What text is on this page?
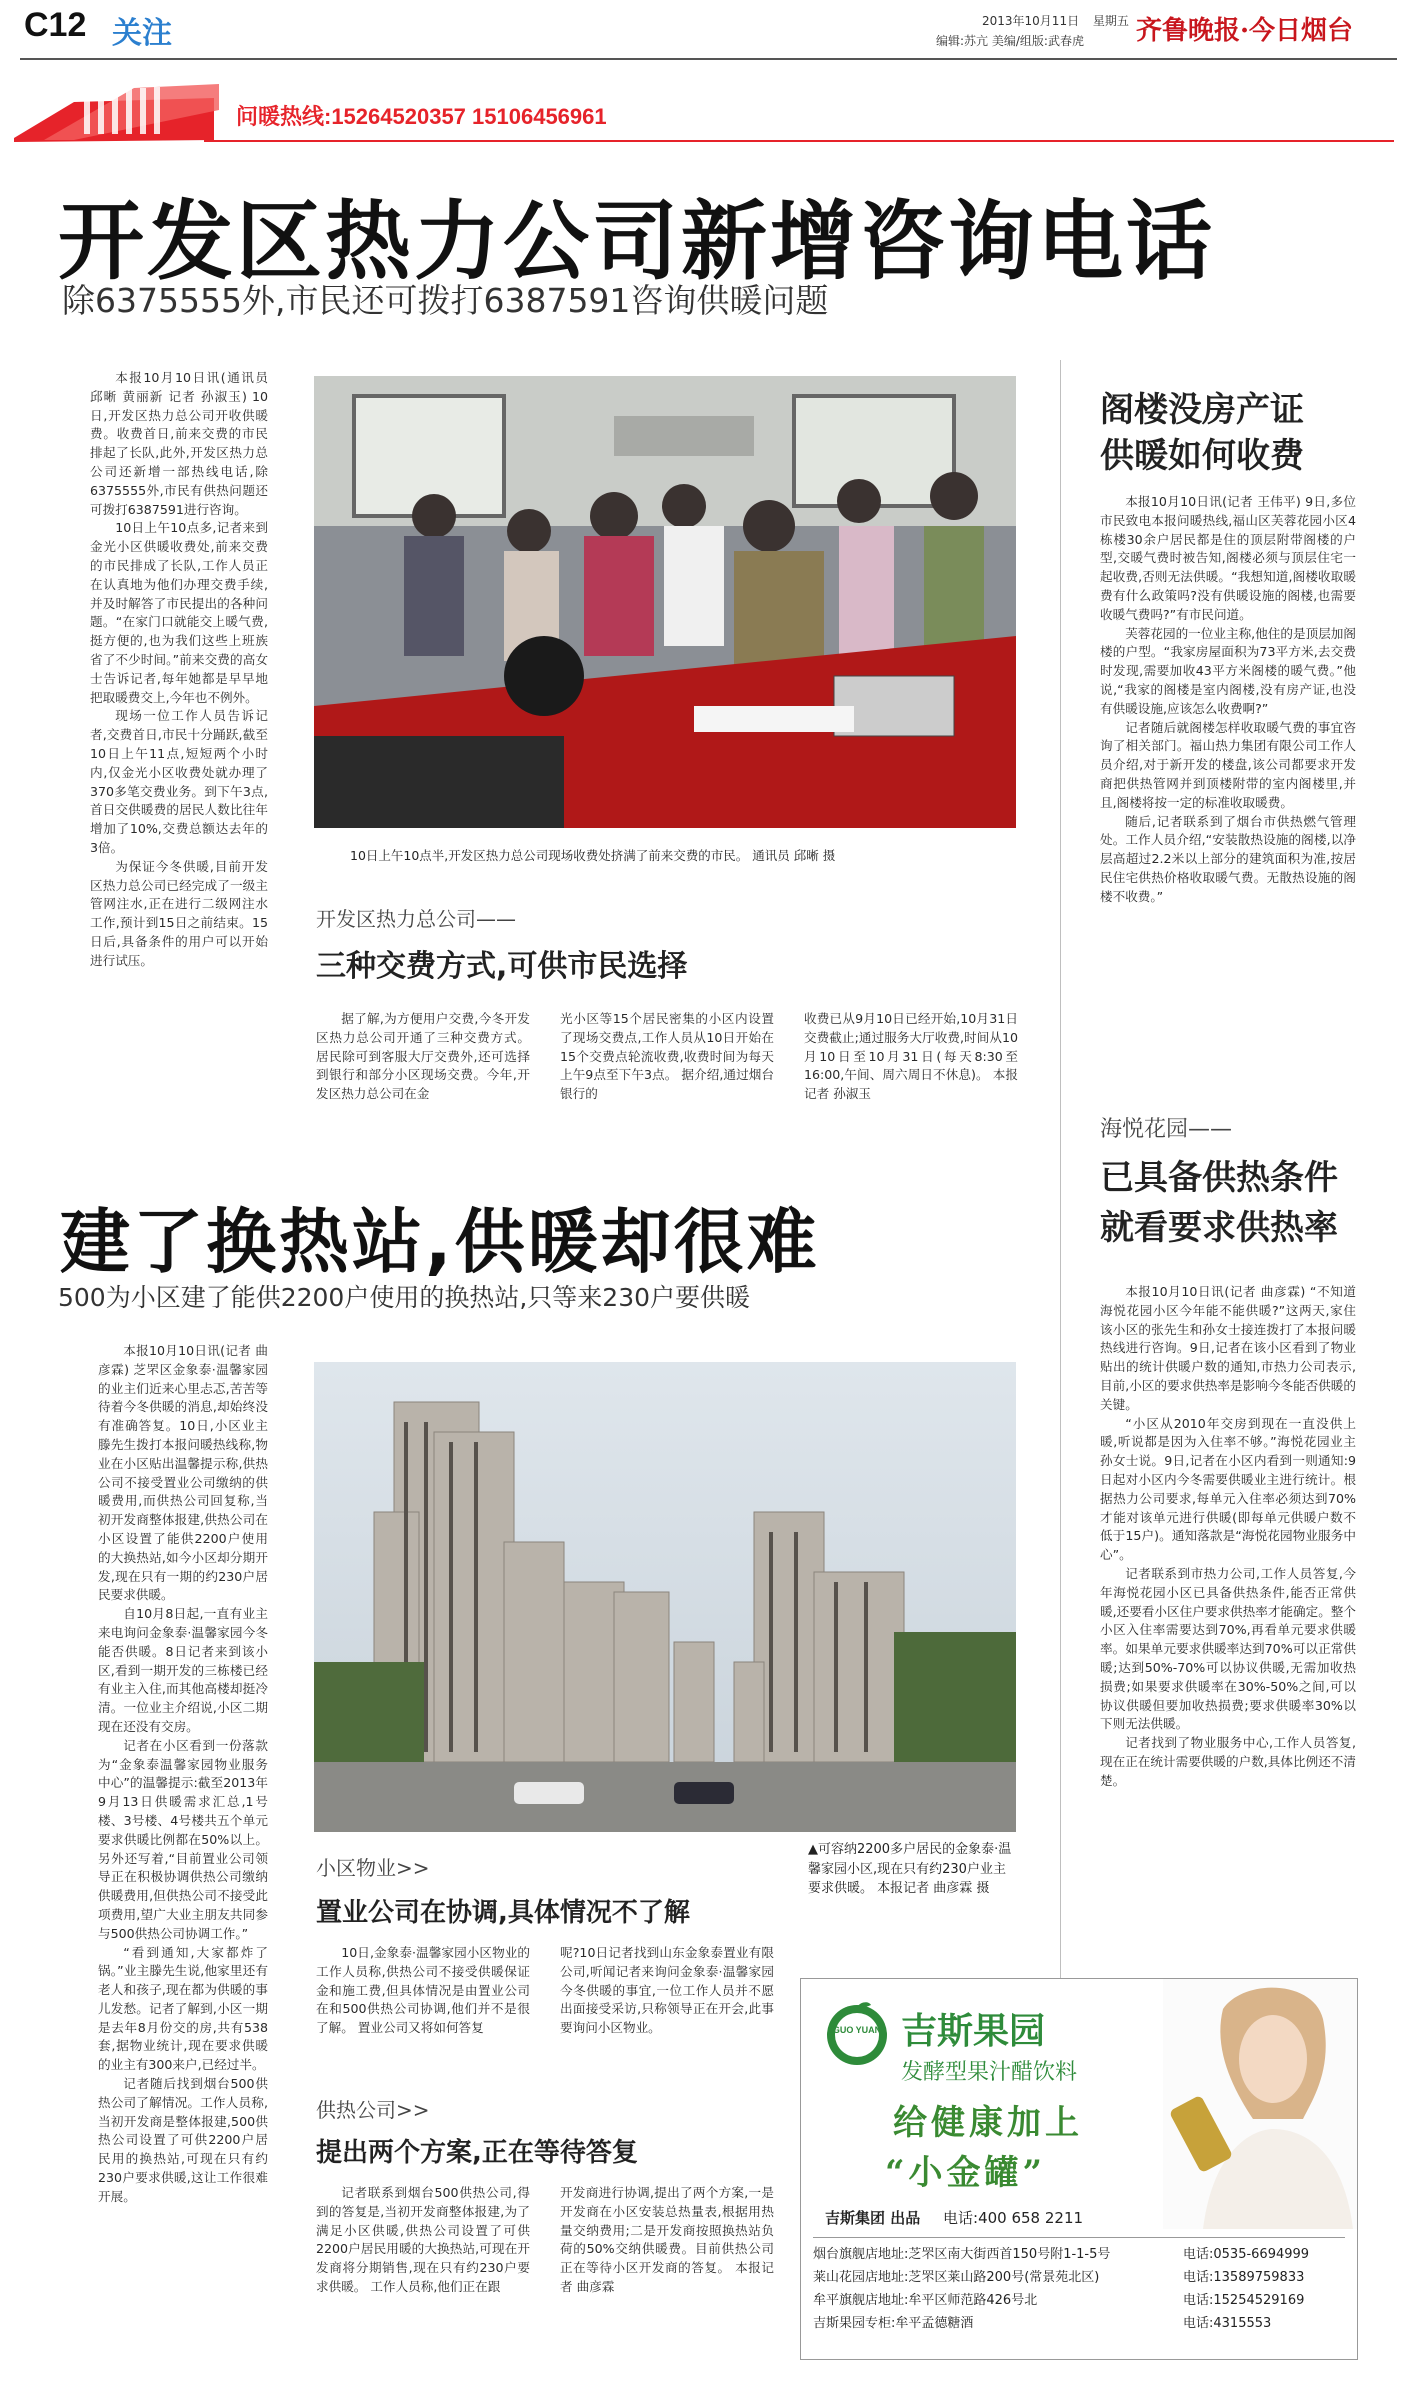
C12 关注	2013年10月11日 星期五
编辑:苏亢 美编/组版:武春虎 齐鲁晚报·今日烟台
问暖热线:15264520357 15106456961
开发区热力公司新增咨询电话
除6375555外,市民还可拨打6387591咨询供暖问题

本报10月10日讯(通讯员 邱晰 黄丽新 记者 孙淑玉) 10日,开发区热力总公司开收供暖费。收费首日,前来交费的市民排起了长队,此外,开发区热力总公司还新增一部热线电话,除6375555外,市民有供热问题还可拨打6387591进行咨询。

10日上午10点多,记者来到金光小区供暖收费处,前来交费的市民排成了长队,工作人员正在认真地为他们办理交费手续,并及时解答了市民提出的各种问题。“在家门口就能交上暖气费,挺方便的,也为我们这些上班族省了不少时间。”前来交费的高女士告诉记者,每年她都是早早地把取暖费交上,今年也不例外。

现场一位工作人员告诉记者,交费首日,市民十分踊跃,截至10日上午11点,短短两个小时内,仅金光小区收费处就办理了370多笔交费业务。到下午3点,首日交供暖费的居民人数比往年增加了10%,交费总额达去年的3倍。

为保证今冬供暖,目前开发区热力总公司已经完成了一级主管网注水,正在进行二级网注水工作,预计到15日之前结束。15日后,具备条件的用户可以开始进行试压。

10日上午10点半,开发区热力总公司现场收费处挤满了前来交费的市民。 通讯员 邱晰 摄
开发区热力总公司——
三种交费方式,可供市民选择

据了解,为方便用户交费,今冬开发区热力总公司开通了三种交费方式。居民除可到客服大厅交费外,还可选择到银行和部分小区现场交费。今年,开发区热力总公司在金

光小区等15个居民密集的小区内设置了现场交费点,工作人员从10日开始在15个交费点轮流收费,收费时间为每天上午9点至下午3点。 据介绍,通过烟台银行的

收费已从9月10日已经开始,10月31日交费截止;通过服务大厅收费,时间从10月10日至10月31日(每天8:30至16:00,午间、周六周日不休息)。 本报记者 孙淑玉

阁楼没房产证
供暖如何收费

本报10月10日讯(记者 王伟平) 9日,多位市民致电本报问暖热线,福山区芙蓉花园小区4栋楼30余户居民都是住的顶层附带阁楼的户型,交暖气费时被告知,阁楼必须与顶层住宅一起收费,否则无法供暖。“我想知道,阁楼收取暖费有什么政策吗?没有供暖设施的阁楼,也需要收暖气费吗?”有市民问道。

芙蓉花园的一位业主称,他住的是顶层加阁楼的户型。“我家房屋面积为73平方米,去交费时发现,需要加收43平方米阁楼的暖气费。”他说,“我家的阁楼是室内阁楼,没有房产证,也没有供暖设施,应该怎么收费啊?”

记者随后就阁楼怎样收取暖气费的事宜咨询了相关部门。福山热力集团有限公司工作人员介绍,对于新开发的楼盘,该公司都要求开发商把供热管网并到顶楼附带的室内阁楼里,并且,阁楼将按一定的标准收取暖费。

随后,记者联系到了烟台市供热燃气管理处。工作人员介绍,“安装散热设施的阁楼,以净层高超过2.2米以上部分的建筑面积为准,按居民住宅供热价格收取暖气费。无散热设施的阁楼不收费。”

海悦花园——
已具备供热条件
就看要求供热率

本报10月10日讯(记者 曲彦霖) “不知道海悦花园小区今年能不能供暖?”这两天,家住该小区的张先生和孙女士接连拨打了本报问暖热线进行咨询。9日,记者在该小区看到了物业贴出的统计供暖户数的通知,市热力公司表示,目前,小区的要求供热率是影响今冬能否供暖的关键。

“小区从2010年交房到现在一直没供上暖,听说都是因为入住率不够。”海悦花园业主孙女士说。9日,记者在小区内看到一则通知:9日起对小区内今冬需要供暖业主进行统计。根据热力公司要求,每单元入住率必须达到70%才能对该单元进行供暖(即每单元供暖户数不低于15户)。通知落款是“海悦花园物业服务中心”。

记者联系到市热力公司,工作人员答复,今年海悦花园小区已具备供热条件,能否正常供暖,还要看小区住户要求供热率才能确定。整个小区入住率需要达到70%,再看单元要求供暖率。如果单元要求供暖率达到70%可以正常供暖;达到50%-70%可以协议供暖,无需加收热损费;如果要求供暖率在30%-50%之间,可以协议供暖但要加收热损费;要求供暖率30%以下则无法供暖。

记者找到了物业服务中心,工作人员答复,现在正在统计需要供暖的户数,具体比例还不清楚。

建了换热站,供暖却很难
500为小区建了能供2200户使用的换热站,只等来230户要供暖

本报10月10日讯(记者 曲彦霖) 芝罘区金象泰·温馨家园的业主们近来心里忐忑,苦苦等待着今冬供暖的消息,却始终没有准确答复。10日,小区业主滕先生拨打本报问暖热线称,物业在小区贴出温馨提示称,供热公司不接受置业公司缴纳的供暖费用,而供热公司回复称,当初开发商整体报建,供热公司在小区设置了能供2200户使用的大换热站,如今小区却分期开发,现在只有一期的约230户居民要求供暖。

自10月8日起,一直有业主来电询问金象泰·温馨家园今冬能否供暖。8日记者来到该小区,看到一期开发的三栋楼已经有业主入住,而其他高楼却挺冷清。一位业主介绍说,小区二期现在还没有交房。

记者在小区看到一份落款为“金象泰温馨家园物业服务中心”的温馨提示:截至2013年9月13日供暖需求汇总,1号楼、3号楼、4号楼共五个单元要求供暖比例都在50%以上。另外还写着,“目前置业公司领导正在积极协调供热公司缴纳供暖费用,但供热公司不接受此项费用,望广大业主朋友共同参与500供热公司协调工作。”

“看到通知,大家都炸了锅。”业主滕先生说,他家里还有老人和孩子,现在都为供暖的事儿发愁。记者了解到,小区一期是去年8月份交的房,共有538套,据物业统计,现在要求供暖的业主有300来户,已经过半。

记者随后找到烟台500供热公司了解情况。工作人员称,当初开发商是整体报建,500供热公司设置了可供2200户居民用的换热站,可现在只有约230户要求供暖,这让工作很难开展。

▲可容纳2200多户居民的金象泰·温馨家园小区,现在只有约230户业主要求供暖。 本报记者 曲彦霖 摄
小区物业>>
置业公司在协调,具体情况不了解

10日,金象泰·温馨家园小区物业的工作人员称,供热公司不接受供暖保证金和施工费,但具体情况是由置业公司在和500供热公司协调,他们并不是很了解。 置业公司又将如何答复

呢?10日记者找到山东金象泰置业有限公司,听闻记者来询问金象泰·温馨家园今冬供暖的事宜,一位工作人员并不愿出面接受采访,只称领导正在开会,此事要询问小区物业。

供热公司>>
提出两个方案,正在等待答复

记者联系到烟台500供热公司,得到的答复是,当初开发商整体报建,为了满足小区供暖,供热公司设置了可供2200户居民用暖的大换热站,可现在开发商将分期销售,现在只有约230户要求供暖。 工作人员称,他们正在跟

开发商进行协调,提出了两个方案,一是开发商在小区安装总热量表,根据用热量交纳费用;二是开发商按照换热站负荷的50%交纳供暖费。目前供热公司正在等待小区开发商的答复。 本报记者 曲彦霖

GUO YUAN 吉斯果园
发酵型果汁醋饮料
给健康加上
“小金罐”
吉斯集团 出品 电话:400 658 2211
烟台旗舰店地址:芝罘区南大街西首150号附1-1-5号
莱山花园店地址:芝罘区莱山路200号(常景苑北区)
牟平旗舰店地址:牟平区师范路426号北
吉斯果园专柜:牟平孟德糖酒
电话:0535-6694999
电话:13589759833
电话:15254529169
电话:4315553
